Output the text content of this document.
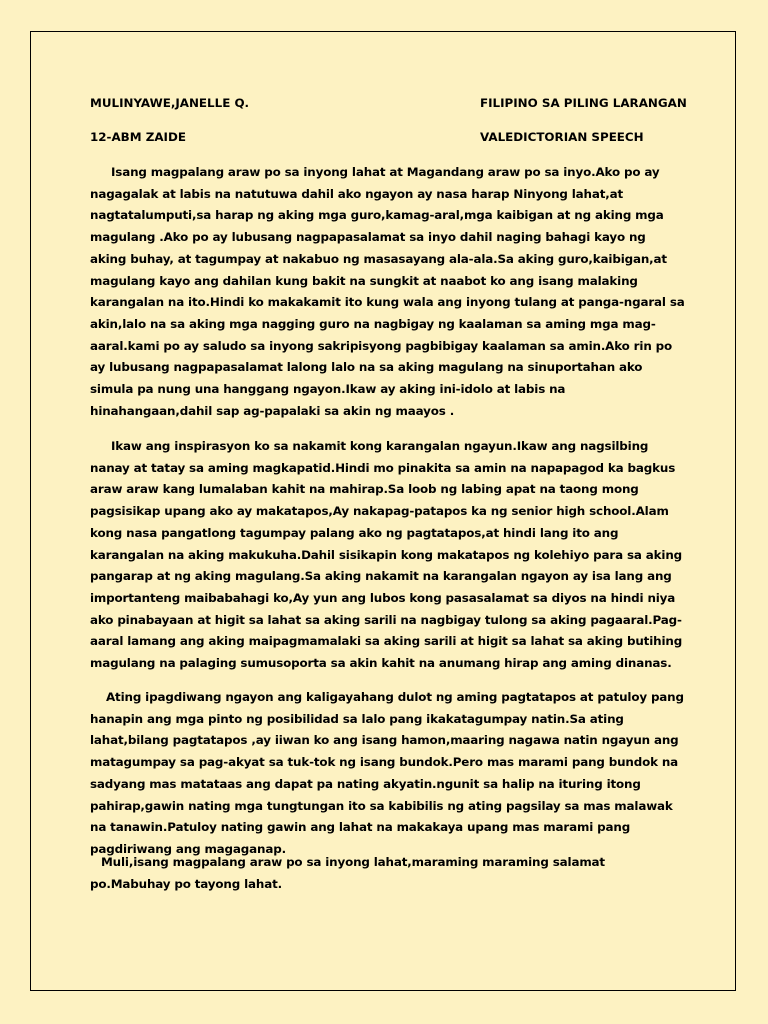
MULINYAWE,JANELLE Q.	FILIPINO SA PILING LARANGAN
12-ABM ZAIDE	VALEDICTORIAN SPEECH

Isang magpalang araw po sa inyong lahat at Magandang araw po sa inyo.Ako po ay nagagalak at labis na natutuwa dahil ako ngayon ay nasa harap Ninyong lahat,at nagtatalumputi,sa harap ng aking mga guro,kamag-aral,mga kaibigan at ng aking mga magulang .Ako po ay lubusang nagpapasalamat sa inyo dahil naging bahagi kayo ng aking buhay, at tagumpay at nakabuo ng masasayang ala-ala.Sa aking guro,kaibigan,at magulang kayo ang dahilan kung bakit na sungkit at naabot ko ang isang malaking karangalan na ito.Hindi ko makakamit ito kung wala ang inyong tulang at panga-ngaral sa akin,lalo na sa aking mga nagging guro na nagbigay ng kaalaman sa aming mga mag-aaral.kami po ay saludo sa inyong sakripisyong pagbibigay kaalaman sa amin.Ako rin po ay lubusang nagpapasalamat lalong lalo na sa aking magulang na sinuportahan ako simula pa nung una hanggang ngayon.Ikaw ay aking ini-idolo at labis na hinahangaan,dahil sap ag-papalaki sa akin ng maayos .

Ikaw ang inspirasyon ko sa nakamit kong karangalan ngayun.Ikaw ang nagsilbing nanay at tatay sa aming magkapatid.Hindi mo pinakita sa amin na napapagod ka bagkus araw araw kang lumalaban kahit na mahirap.Sa loob ng labing apat na taong mong pagsisikap upang ako ay makatapos,Ay nakapag-patapos ka ng senior high school.Alam kong nasa pangatlong tagumpay palang ako ng pagtatapos,at hindi lang ito ang karangalan na aking makukuha.Dahil sisikapin kong makatapos ng kolehiyo para sa aking pangarap at ng aking magulang.Sa aking nakamit na karangalan ngayon ay isa lang ang importanteng maibabahagi ko,Ay yun ang lubos kong pasasalamat sa diyos na hindi niya ako pinabayaan at higit sa lahat sa aking sarili na nagbigay tulong sa aking pagaaral.Pag-aaral lamang ang aking maipagmamalaki sa aking sarili at higit sa lahat sa aking butihing magulang na palaging sumusoporta sa akin kahit na anumang hirap ang aming dinanas.

Ating ipagdiwang ngayon ang kaligayahang dulot ng aming pagtatapos at patuloy pang hanapin ang mga pinto ng posibilidad sa lalo pang ikakatagumpay natin.Sa ating lahat,bilang pagtatapos ,ay iiwan ko ang isang hamon,maaring nagawa natin ngayun ang matagumpay sa pag-akyat sa tuk-tok ng isang bundok.Pero mas marami pang bundok na sadyang mas matataas ang dapat pa nating akyatin.ngunit sa halip na ituring itong pahirap,gawin nating mga tungtungan ito sa kabibilis ng ating pagsilay sa mas malawak na tanawin.Patuloy nating gawin ang lahat na makakaya upang mas marami pang pagdiriwang ang magaganap.

Muli,isang magpalang araw po sa inyong lahat,maraming maraming salamat po.Mabuhay po tayong lahat.
